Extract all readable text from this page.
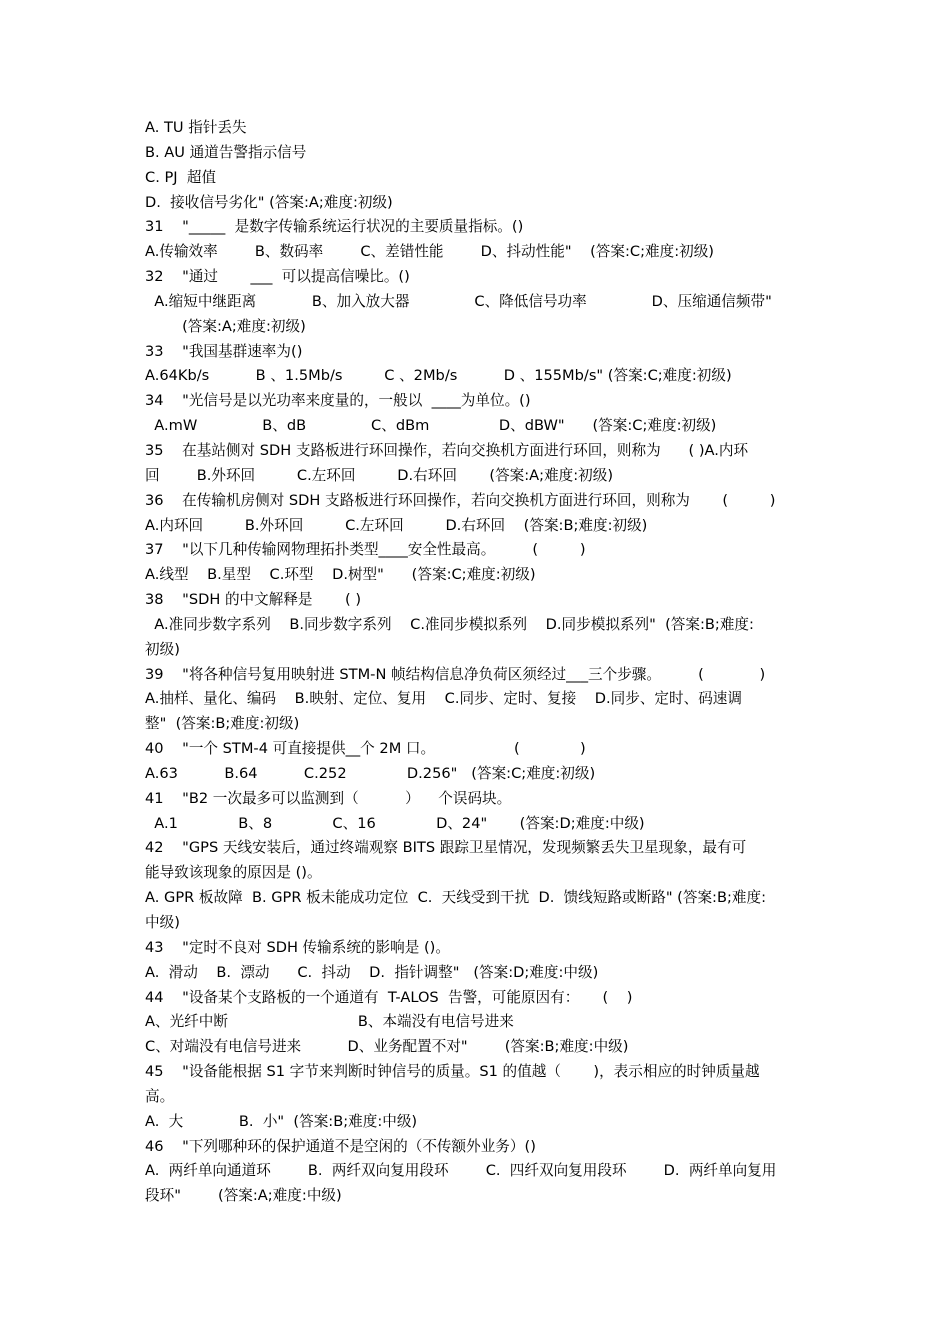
A. TU 指针丢失
B. AU 通道告警指示信号
C. PJ  超值
D.  接收信号劣化" (答案:A;难度:初级)
31    "_____  是数字传输系统运行状况的主要质量指标。()
A.传输效率        B、数码率        C、差错性能        D、抖动性能"    (答案:C;难度:初级)
32    "通过       ___  可以提高信噪比。()
A.缩短中继距离            B、加入放大器              C、降低信号功率              D、压缩通信频带"
(答案:A;难度:初级)
33    "我国基群速率为()
A.64Kb/s          B 、1.5Mb/s         C 、2Mb/s          D 、155Mb/s" (答案:C;难度:初级)
34    "光信号是以光功率来度量的，一般以  ____为单位。()
A.mW              B、dB              C、dBm               D、dBW"      (答案:C;难度:初级)
35    在基站侧对 SDH 支路板进行环回操作，若向交换机方面进行环回，则称为      ( )A.内环
回        B.外环回         C.左环回         D.右环回       (答案:A;难度:初级)
36    在传输机房侧对 SDH 支路板进行环回操作，若向交换机方面进行环回，则称为       (         )
A.内环回         B.外环回         C.左环回         D.右环回    (答案:B;难度:初级)
37    "以下几种传输网物理拓扑类型____安全性最高。        (         )
A.线型    B.星型    C.环型    D.树型"      (答案:C;难度:初级)
38    "SDH 的中文解释是       ( )
A.准同步数字系列    B.同步数字系列    C.准同步模拟系列    D.同步模拟系列"  (答案:B;难度:
初级)
39    "将各种信号复用映射进 STM-N 帧结构信息净负荷区须经过___三个步骤。        (            )
A.抽样、量化、编码    B.映射、定位、复用    C.同步、定时、复接    D.同步、定时、码速调
整"  (答案:B;难度:初级)
40    "一个 STM-4 可直接提供__个 2M 口。                 (             )
A.63          B.64          C.252             D.256"   (答案:C;难度:初级)
41    "B2 一次最多可以监测到（          ）    个误码块。
A.1             B、8             C、16             D、24"       (答案:D;难度:中级)
42    "GPS 天线安装后，通过终端观察 BITS 跟踪卫星情况，发现频繁丢失卫星现象，最有可
能导致该现象的原因是 ()。
A. GPR 板故障  B. GPR 板未能成功定位  C.  天线受到干扰  D.  馈线短路或断路" (答案:B;难度:
中级)
43    "定时不良对 SDH 传输系统的影响是 ()。
A.  滑动    B.  漂动      C.  抖动    D.  指针调整"   (答案:D;难度:中级)
44    "设备某个支路板的一个通道有  T-ALOS  告警，可能原因有：     (    )
A、光纤中断                            B、本端没有电信号进来
C、对端没有电信号进来          D、业务配置不对"        (答案:B;难度:中级)
45    "设备能根据 S1 字节来判断时钟信号的质量。S1 的值越（       )，表示相应的时钟质量越
高。
A.  大            B.  小"  (答案:B;难度:中级)
46    "下列哪种环的保护通道不是空闲的（不传额外业务）()
A.  两纤单向通道环        B.  两纤双向复用段环        C.  四纤双向复用段环        D.  两纤单向复用
段环"        (答案:A;难度:中级)
